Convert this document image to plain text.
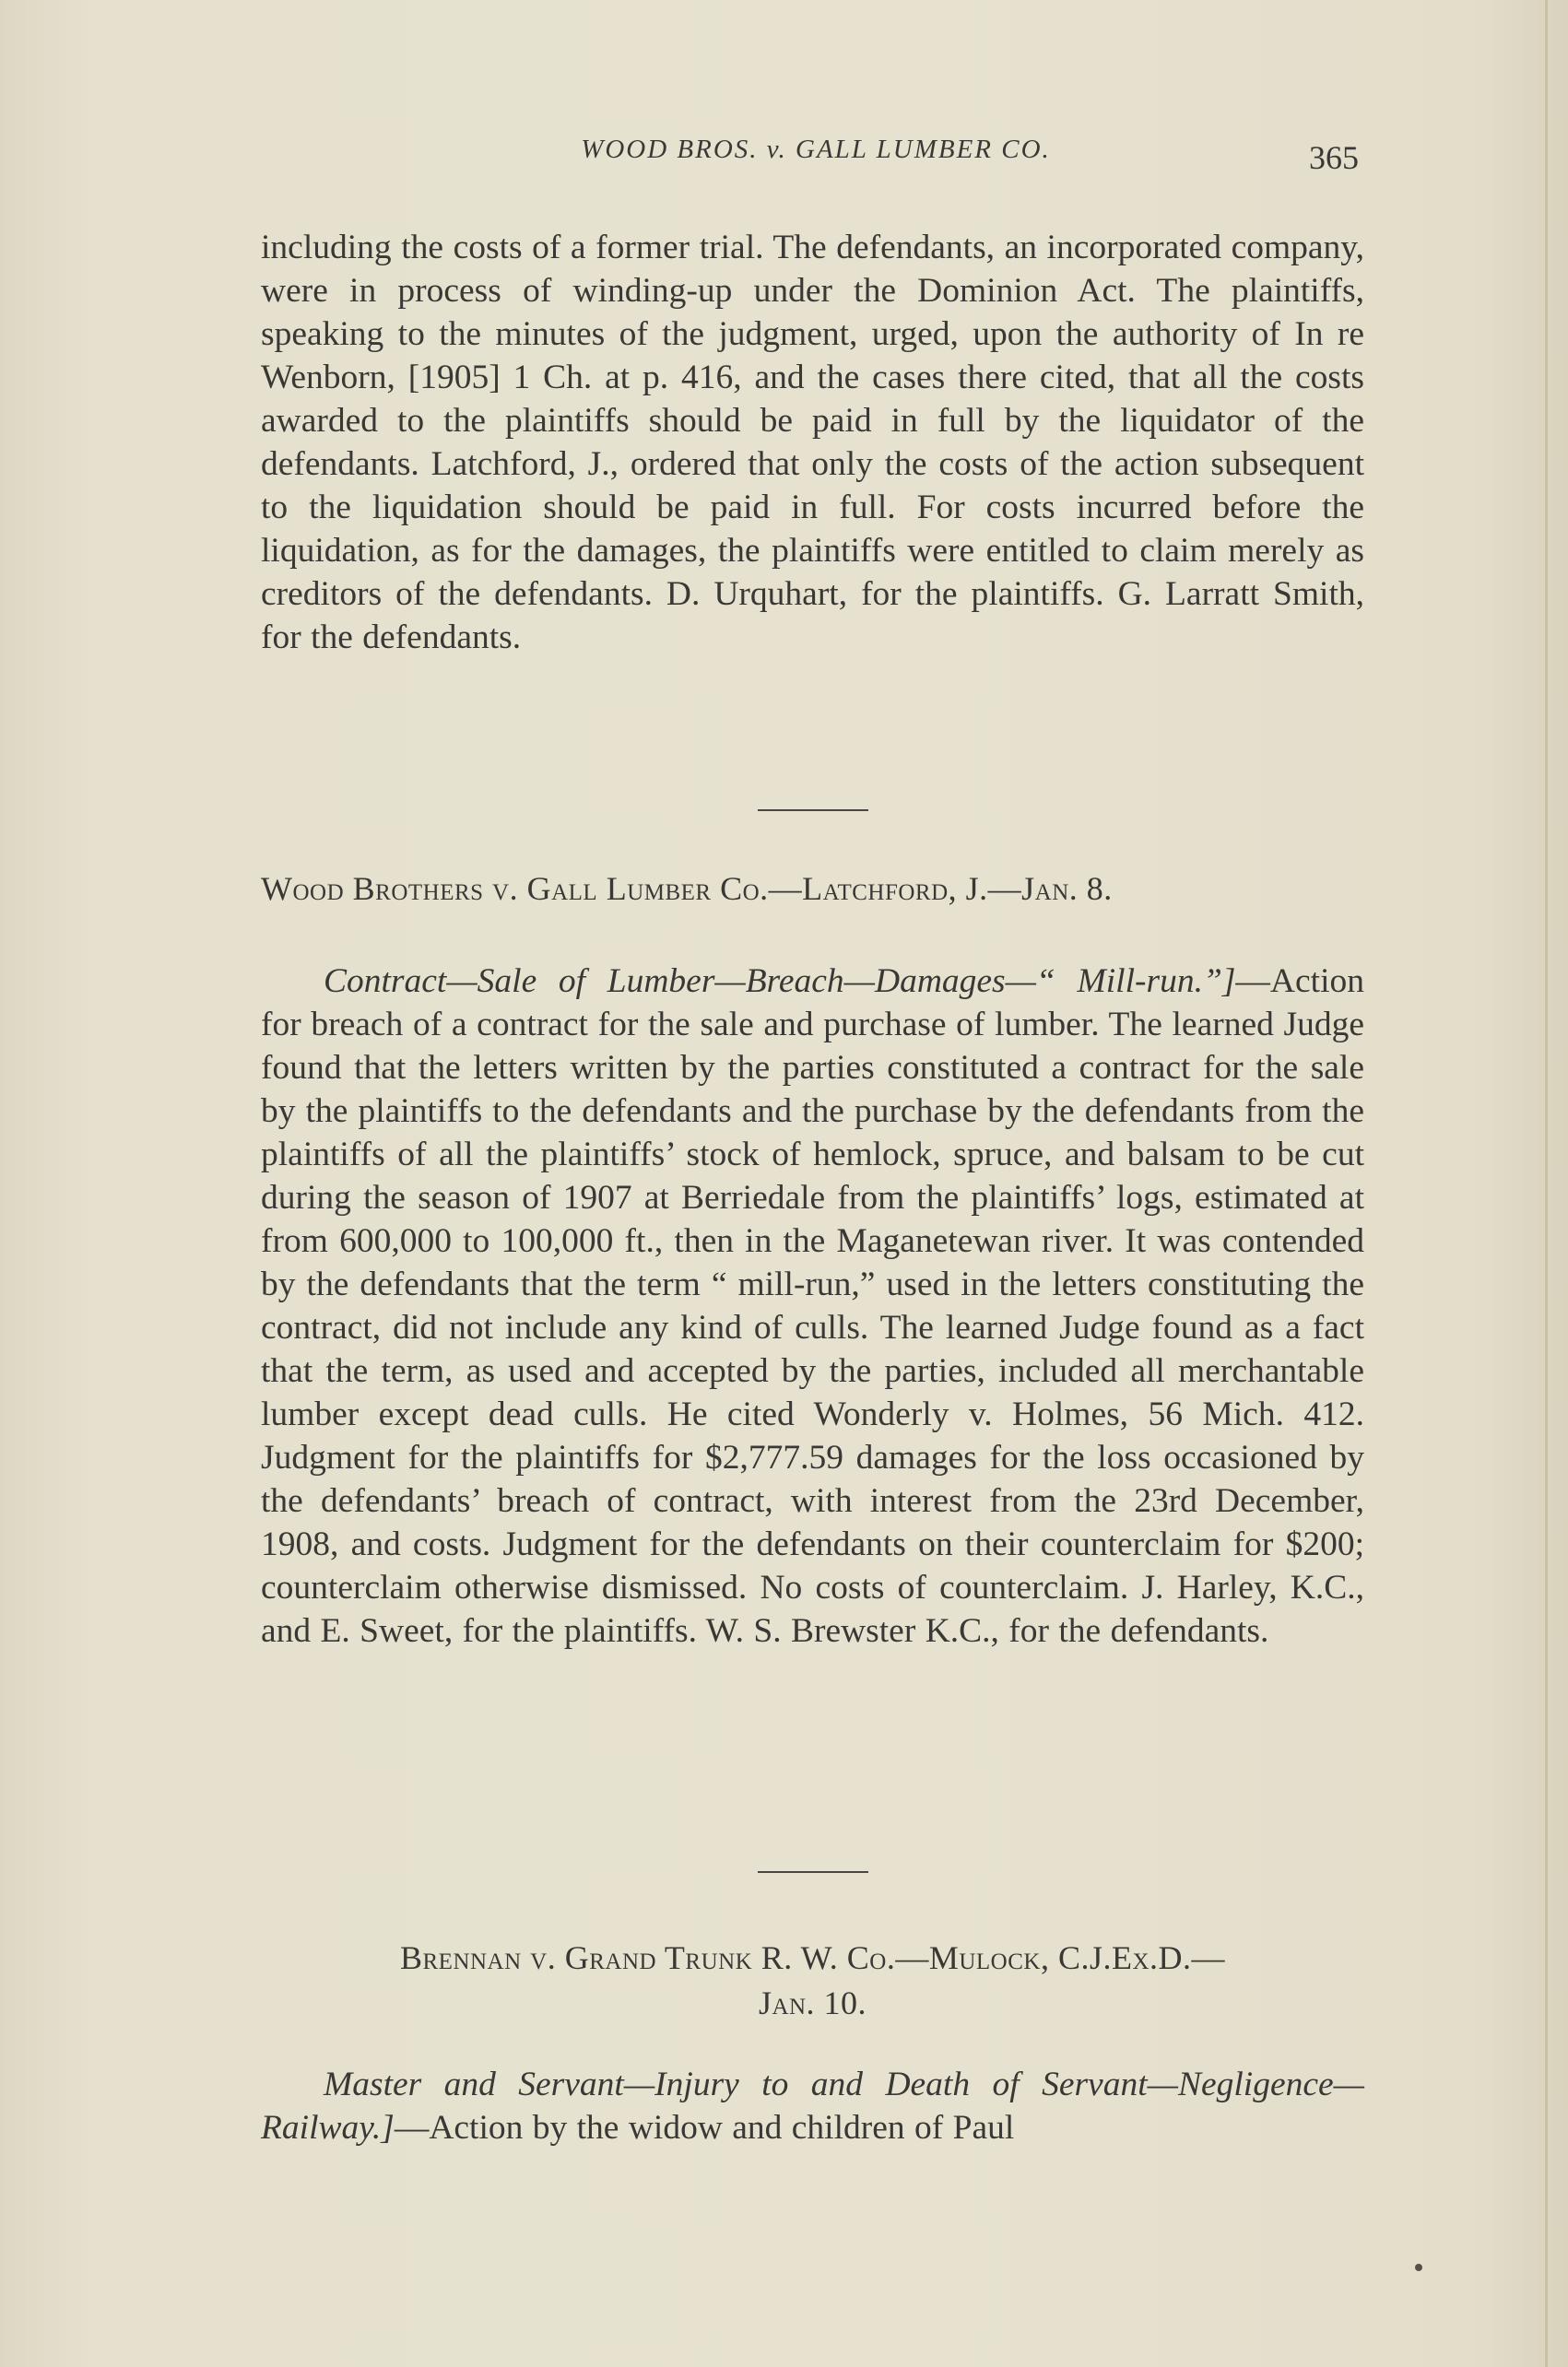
WOOD BROS. v. GALL LUMBER CO.	365

including the costs of a former trial. The defendants, an incorporated company, were in process of winding-up under the Dominion Act. The plaintiffs, speaking to the minutes of the judgment, urged, upon the authority of In re Wenborn, [1905] 1 Ch. at p. 416, and the cases there cited, that all the costs awarded to the plaintiffs should be paid in full by the liquidator of the defendants. Latchford, J., ordered that only the costs of the action subsequent to the liquidation should be paid in full. For costs incurred before the liquidation, as for the damages, the plaintiffs were entitled to claim merely as creditors of the defendants. D. Urquhart, for the plaintiffs. G. Larratt Smith, for the defendants.

Wood Brothers v. Gall Lumber Co.—Latchford, J.—Jan. 8.

Contract—Sale of Lumber—Breach—Damages—“ Mill-run.”]—Action for breach of a contract for the sale and purchase of lumber. The learned Judge found that the letters written by the parties constituted a contract for the sale by the plaintiffs to the defendants and the purchase by the defendants from the plaintiffs of all the plaintiffs’ stock of hemlock, spruce, and balsam to be cut during the season of 1907 at Berriedale from the plaintiffs’ logs, estimated at from 600,000 to 100,000 ft., then in the Maganetewan river. It was contended by the defendants that the term “ mill-run,” used in the letters constituting the contract, did not include any kind of culls. The learned Judge found as a fact that the term, as used and accepted by the parties, included all merchantable lumber except dead culls. He cited Wonderly v. Holmes, 56 Mich. 412. Judgment for the plaintiffs for $2,777.59 damages for the loss occasioned by the defendants’ breach of contract, with interest from the 23rd December, 1908, and costs. Judgment for the defendants on their counterclaim for $200; counterclaim otherwise dismissed. No costs of counterclaim. J. Harley, K.C., and E. Sweet, for the plaintiffs. W. S. Brewster K.C., for the defendants.

Brennan v. Grand Trunk R. W. Co.—Mulock, C.J.Ex.D.—

Jan. 10.

Master and Servant—Injury to and Death of Servant—Negligence—Railway.]—Action by the widow and children of Paul
